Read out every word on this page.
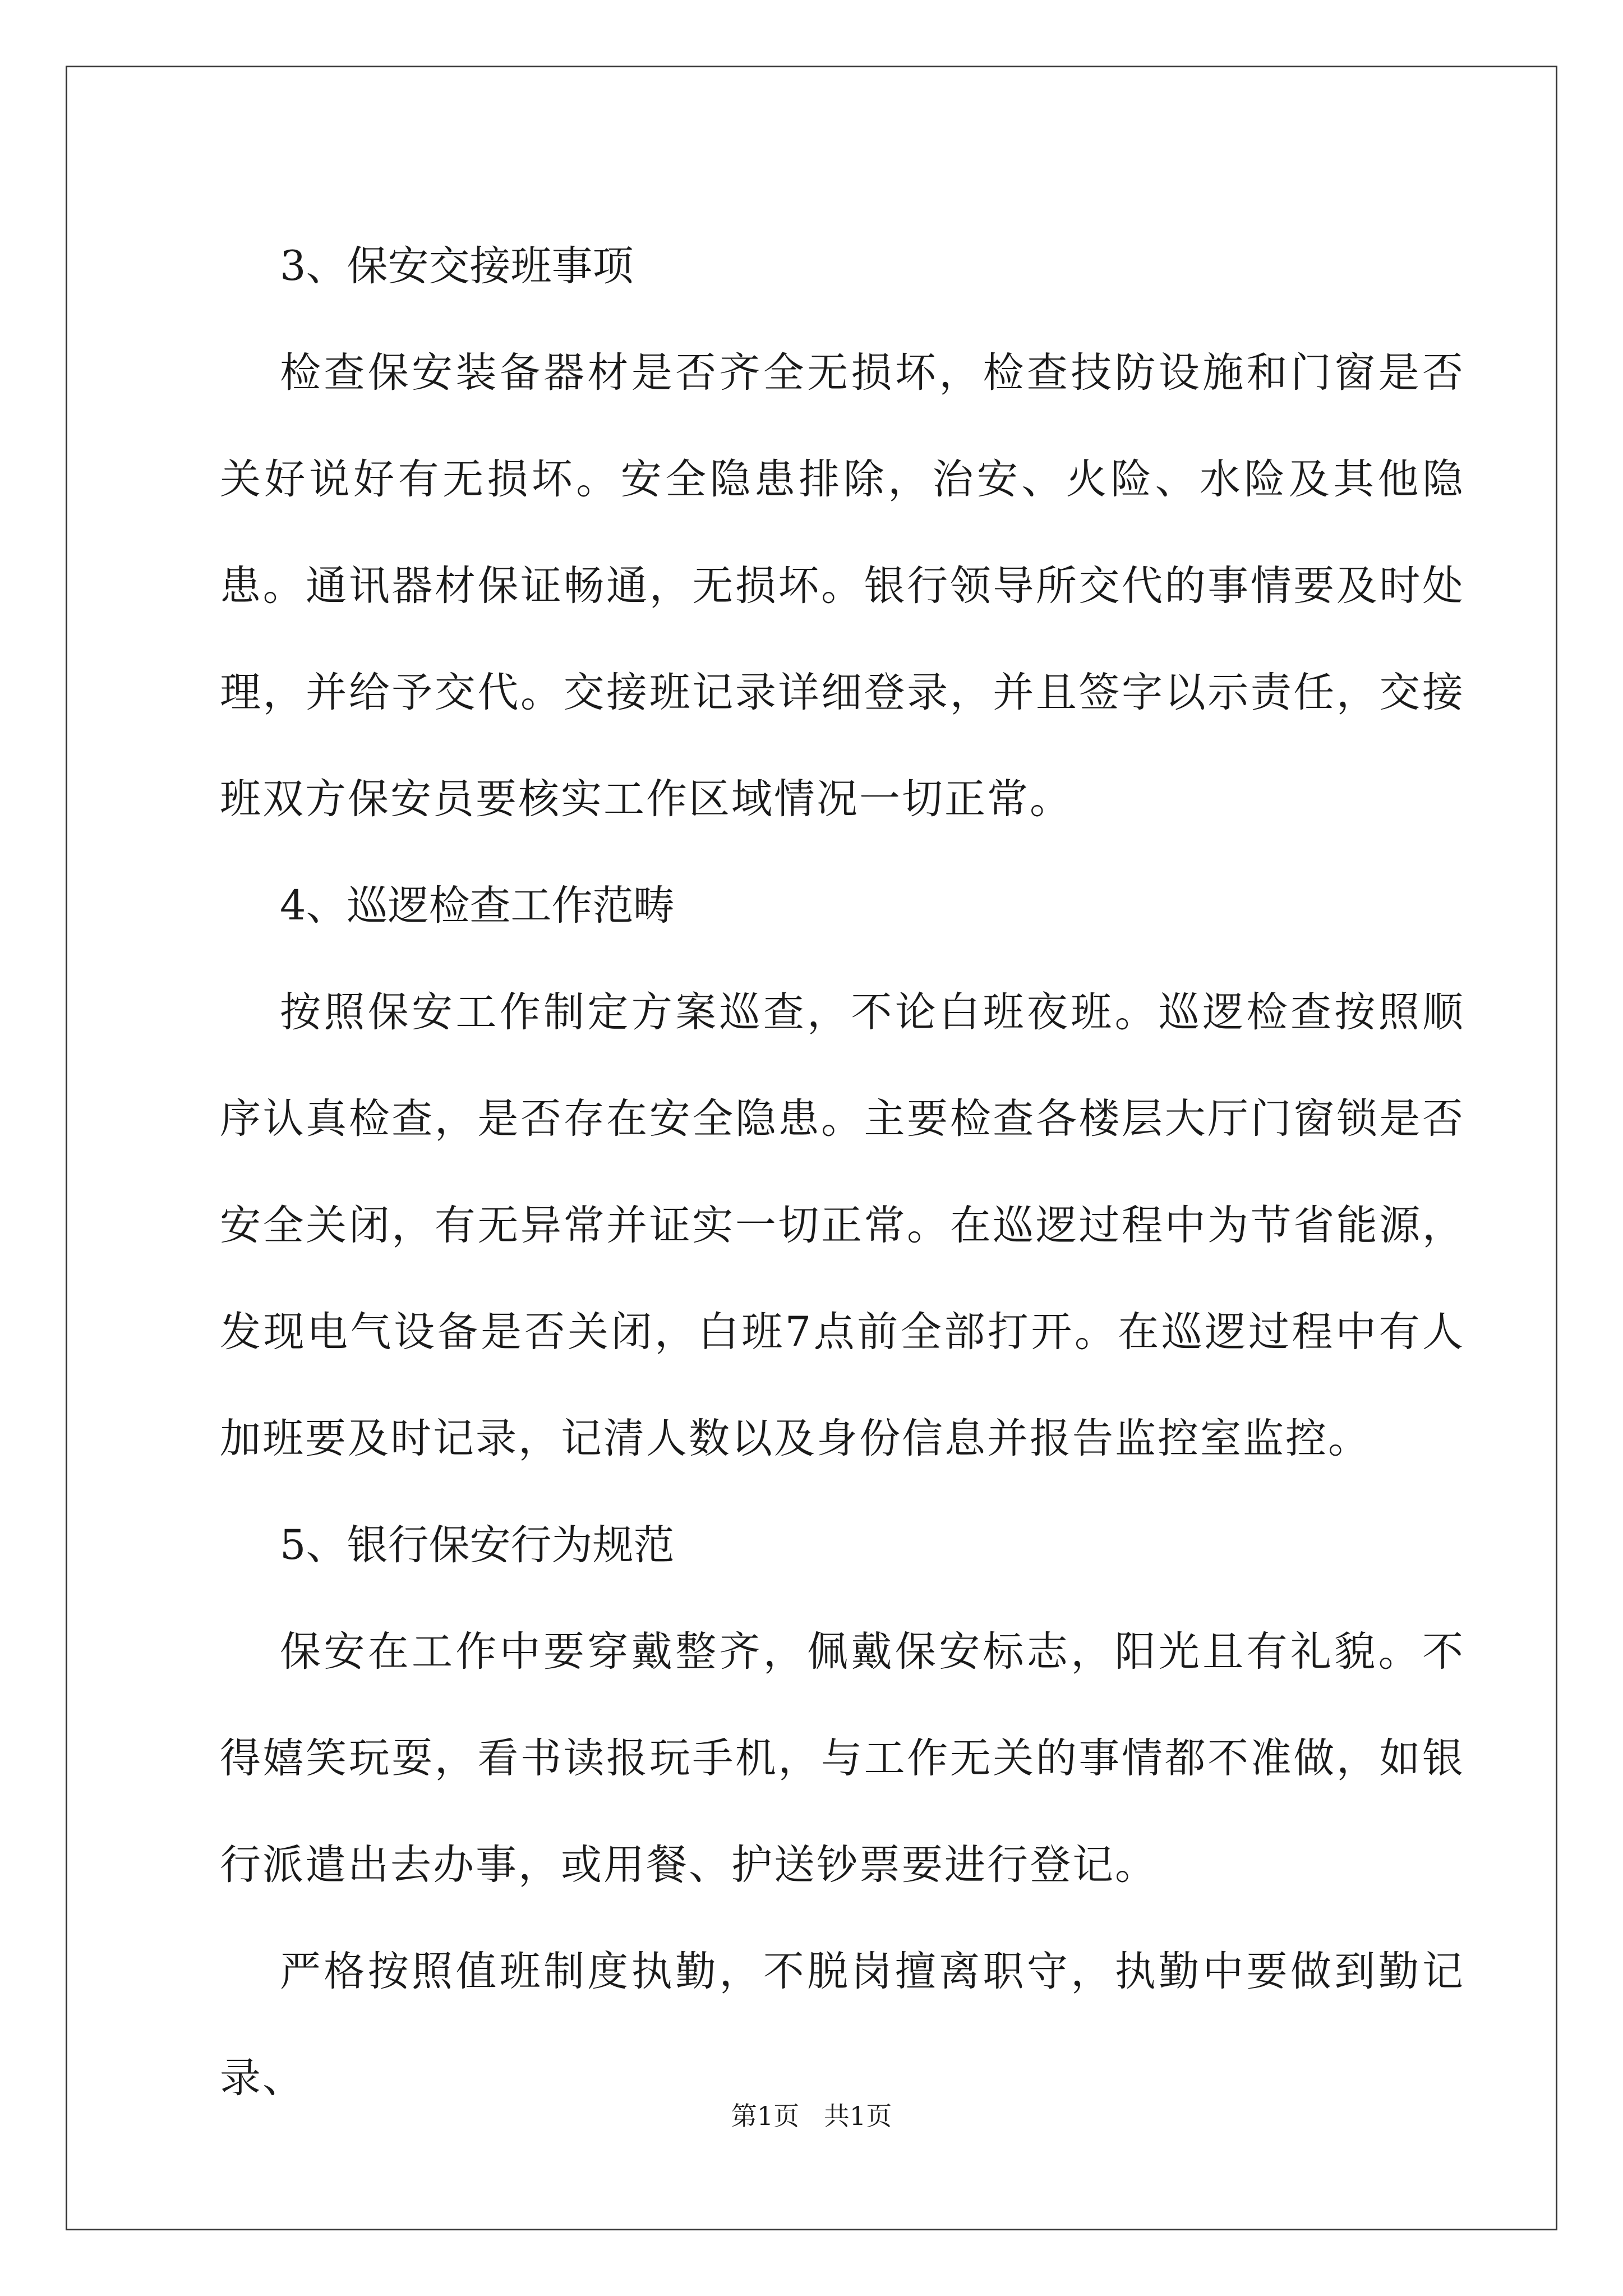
3、保安交接班事项

检查保安装备器材是否齐全无损坏，检查技防设施和门窗是否关好说好有无损坏。安全隐患排除，治安、火险、水险及其他隐患。通讯器材保证畅通，无损坏。银行领导所交代的事情要及时处理，并给予交代。交接班记录详细登录，并且签字以示责任，交接班双方保安员要核实工作区域情况一切正常。

4、巡逻检查工作范畴

按照保安工作制定方案巡查，不论白班夜班。巡逻检查按照顺序认真检查，是否存在安全隐患。主要检查各楼层大厅门窗锁是否安全关闭，有无异常并证实一切正常。在巡逻过程中为节省能源，发现电气设备是否关闭，白班7点前全部打开。在巡逻过程中有人加班要及时记录，记清人数以及身份信息并报告监控室监控。

5、银行保安行为规范

保安在工作中要穿戴整齐，佩戴保安标志，阳光且有礼貌。不得嬉笑玩耍，看书读报玩手机，与工作无关的事情都不准做，如银行派遣出去办事，或用餐、护送钞票要进行登记。

严格按照值班制度执勤，不脱岗擅离职守，执勤中要做到勤记录、

第1页   共1页
